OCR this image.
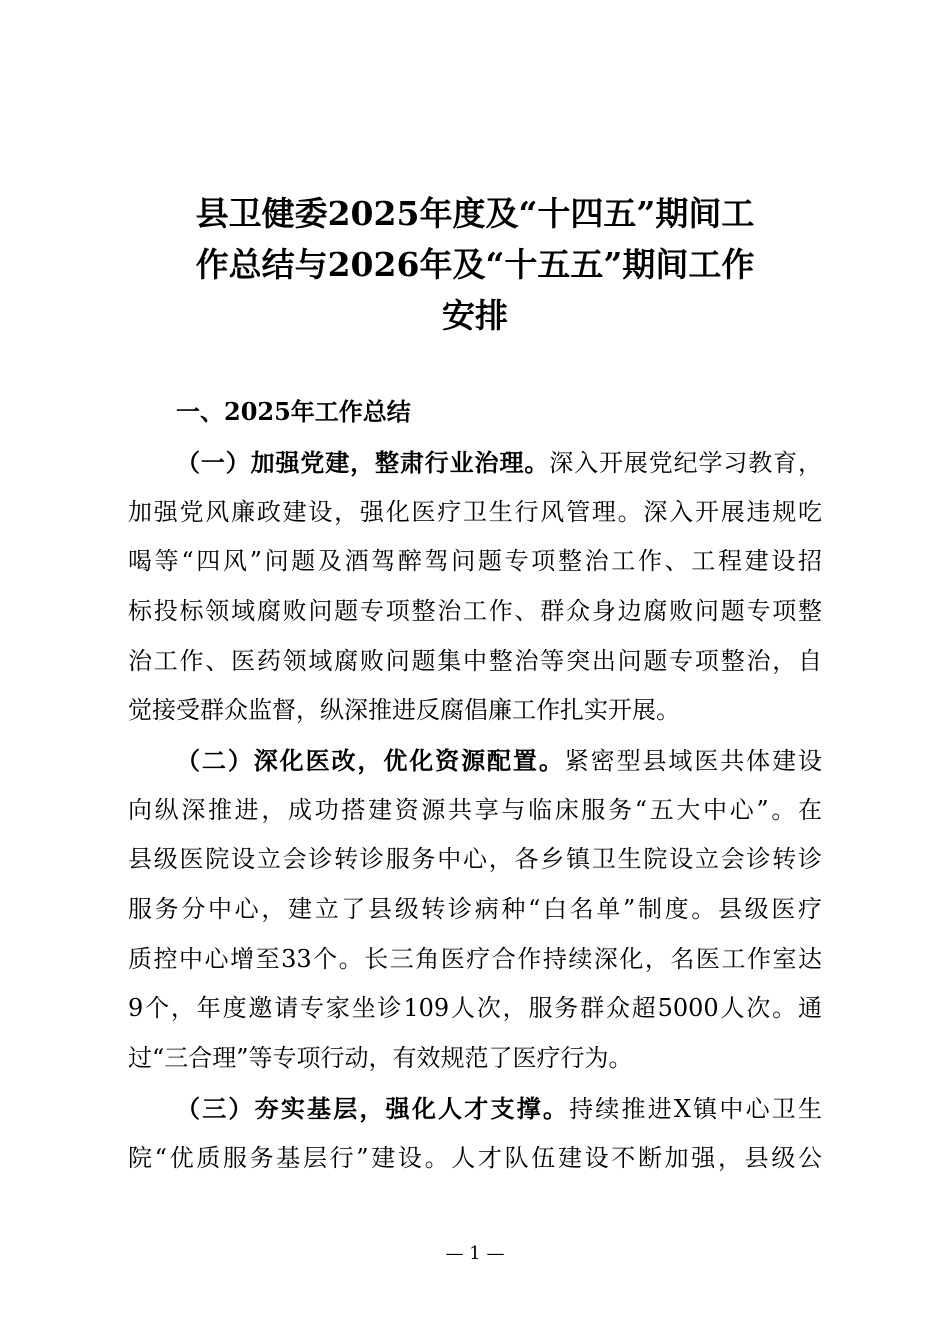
县卫健委2025年度及“十四五”期间工
作总结与2026年及“十五五”期间工作
安排
一、2025年工作总结
（一）加强党建，整肃行业治理。深入开展党纪学习教育，
加强党风廉政建设，强化医疗卫生行风管理。深入开展违规吃
喝等“四风”问题及酒驾醉驾问题专项整治工作、工程建设招
标投标领域腐败问题专项整治工作、群众身边腐败问题专项整
治工作、医药领域腐败问题集中整治等突出问题专项整治，自
觉接受群众监督，纵深推进反腐倡廉工作扎实开展。
（二）深化医改，优化资源配置。紧密型县域医共体建设
向纵深推进，成功搭建资源共享与临床服务“五大中心”。在
县级医院设立会诊转诊服务中心，各乡镇卫生院设立会诊转诊
服务分中心，建立了县级转诊病种“白名单”制度。县级医疗
质控中心增至33个。长三角医疗合作持续深化，名医工作室达
9个，年度邀请专家坐诊109人次，服务群众超5000人次。通
过“三合理”等专项行动，有效规范了医疗行为。
（三）夯实基层，强化人才支撑。持续推进X镇中心卫生
院“优质服务基层行”建设。人才队伍建设不断加强，县级公
— 1 —
